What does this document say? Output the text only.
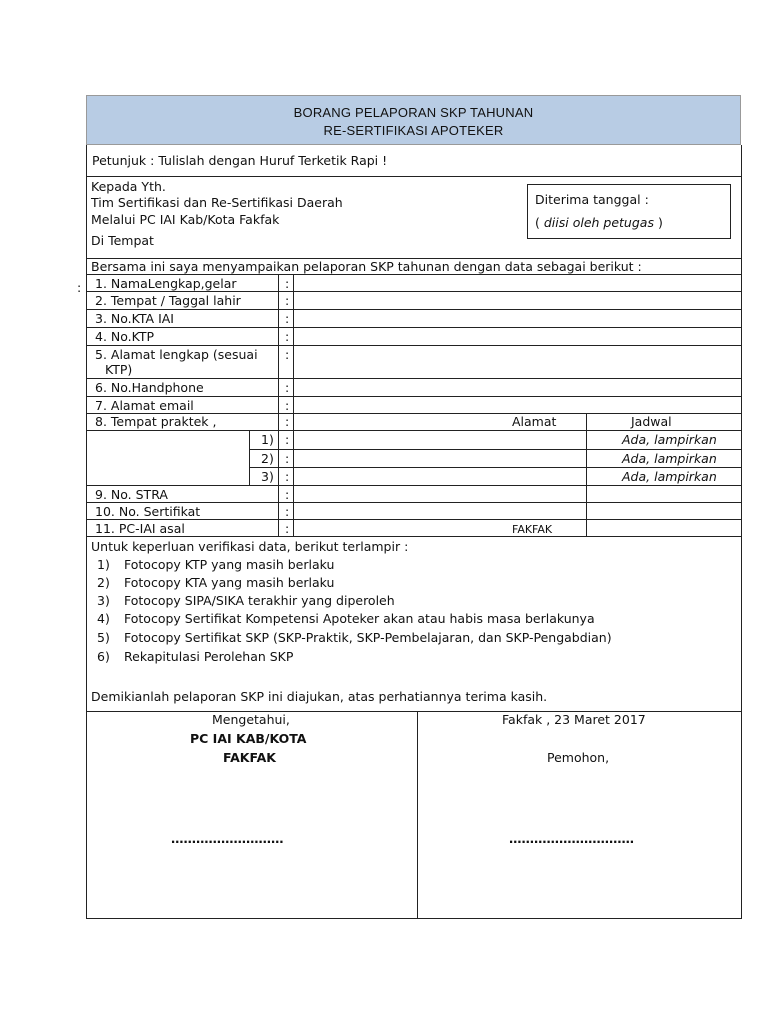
BORANG PELAPORAN SKP TAHUNAN
RE-SERTIFIKASI APOTEKER
Petunjuk : Tulislah dengan Huruf Terketik Rapi !
Kepada Yth.
Tim Sertifikasi dan Re-Sertifikasi Daerah
Melalui PC IAI Kab/Kota Fakfak
Di Tempat
Diterima tanggal :
( diisi oleh petugas )
Bersama ini saya menyampaikan pelaporan SKP tahunan dengan data sebagai berikut :
: 1. NamaLengkap,gelar
2. Tempat / Taggal lahir
3. No.KTA IAI
4. No.KTP
5. Alamat lengkap (sesuai
KTP)
6. No.Handphone
7. Alamat email
8. Tempat praktek ,
9. No. STRA
10. No. Sertifikat
11. PC-IAI asal
:
:
:
:
:
:
:
:
:
:
:
:
:
:
Alamat	Jadwal
1)
2)
3)
Ada, lampirkan
Ada, lampirkan
Ada, lampirkan
FAKFAK
Untuk keperluan verifikasi data, berikut terlampir :
1) Fotocopy KTP yang masih berlaku
2) Fotocopy KTA yang masih berlaku
3) Fotocopy SIPA/SIKA terakhir yang diperoleh
4) Fotocopy Sertifikat Kompetensi Apoteker akan atau habis masa berlakunya
5) Fotocopy Sertifikat SKP (SKP-Praktik, SKP-Pembelajaran, dan SKP-Pengabdian)
6) Rekapitulasi Perolehan SKP
Demikianlah pelaporan SKP ini diajukan, atas perhatiannya terima kasih.
Mengetahui,
PC IAI KAB/KOTA
FAKFAK
………………………
Fakfak , 23 Maret 2017
Pemohon,
…………………………
